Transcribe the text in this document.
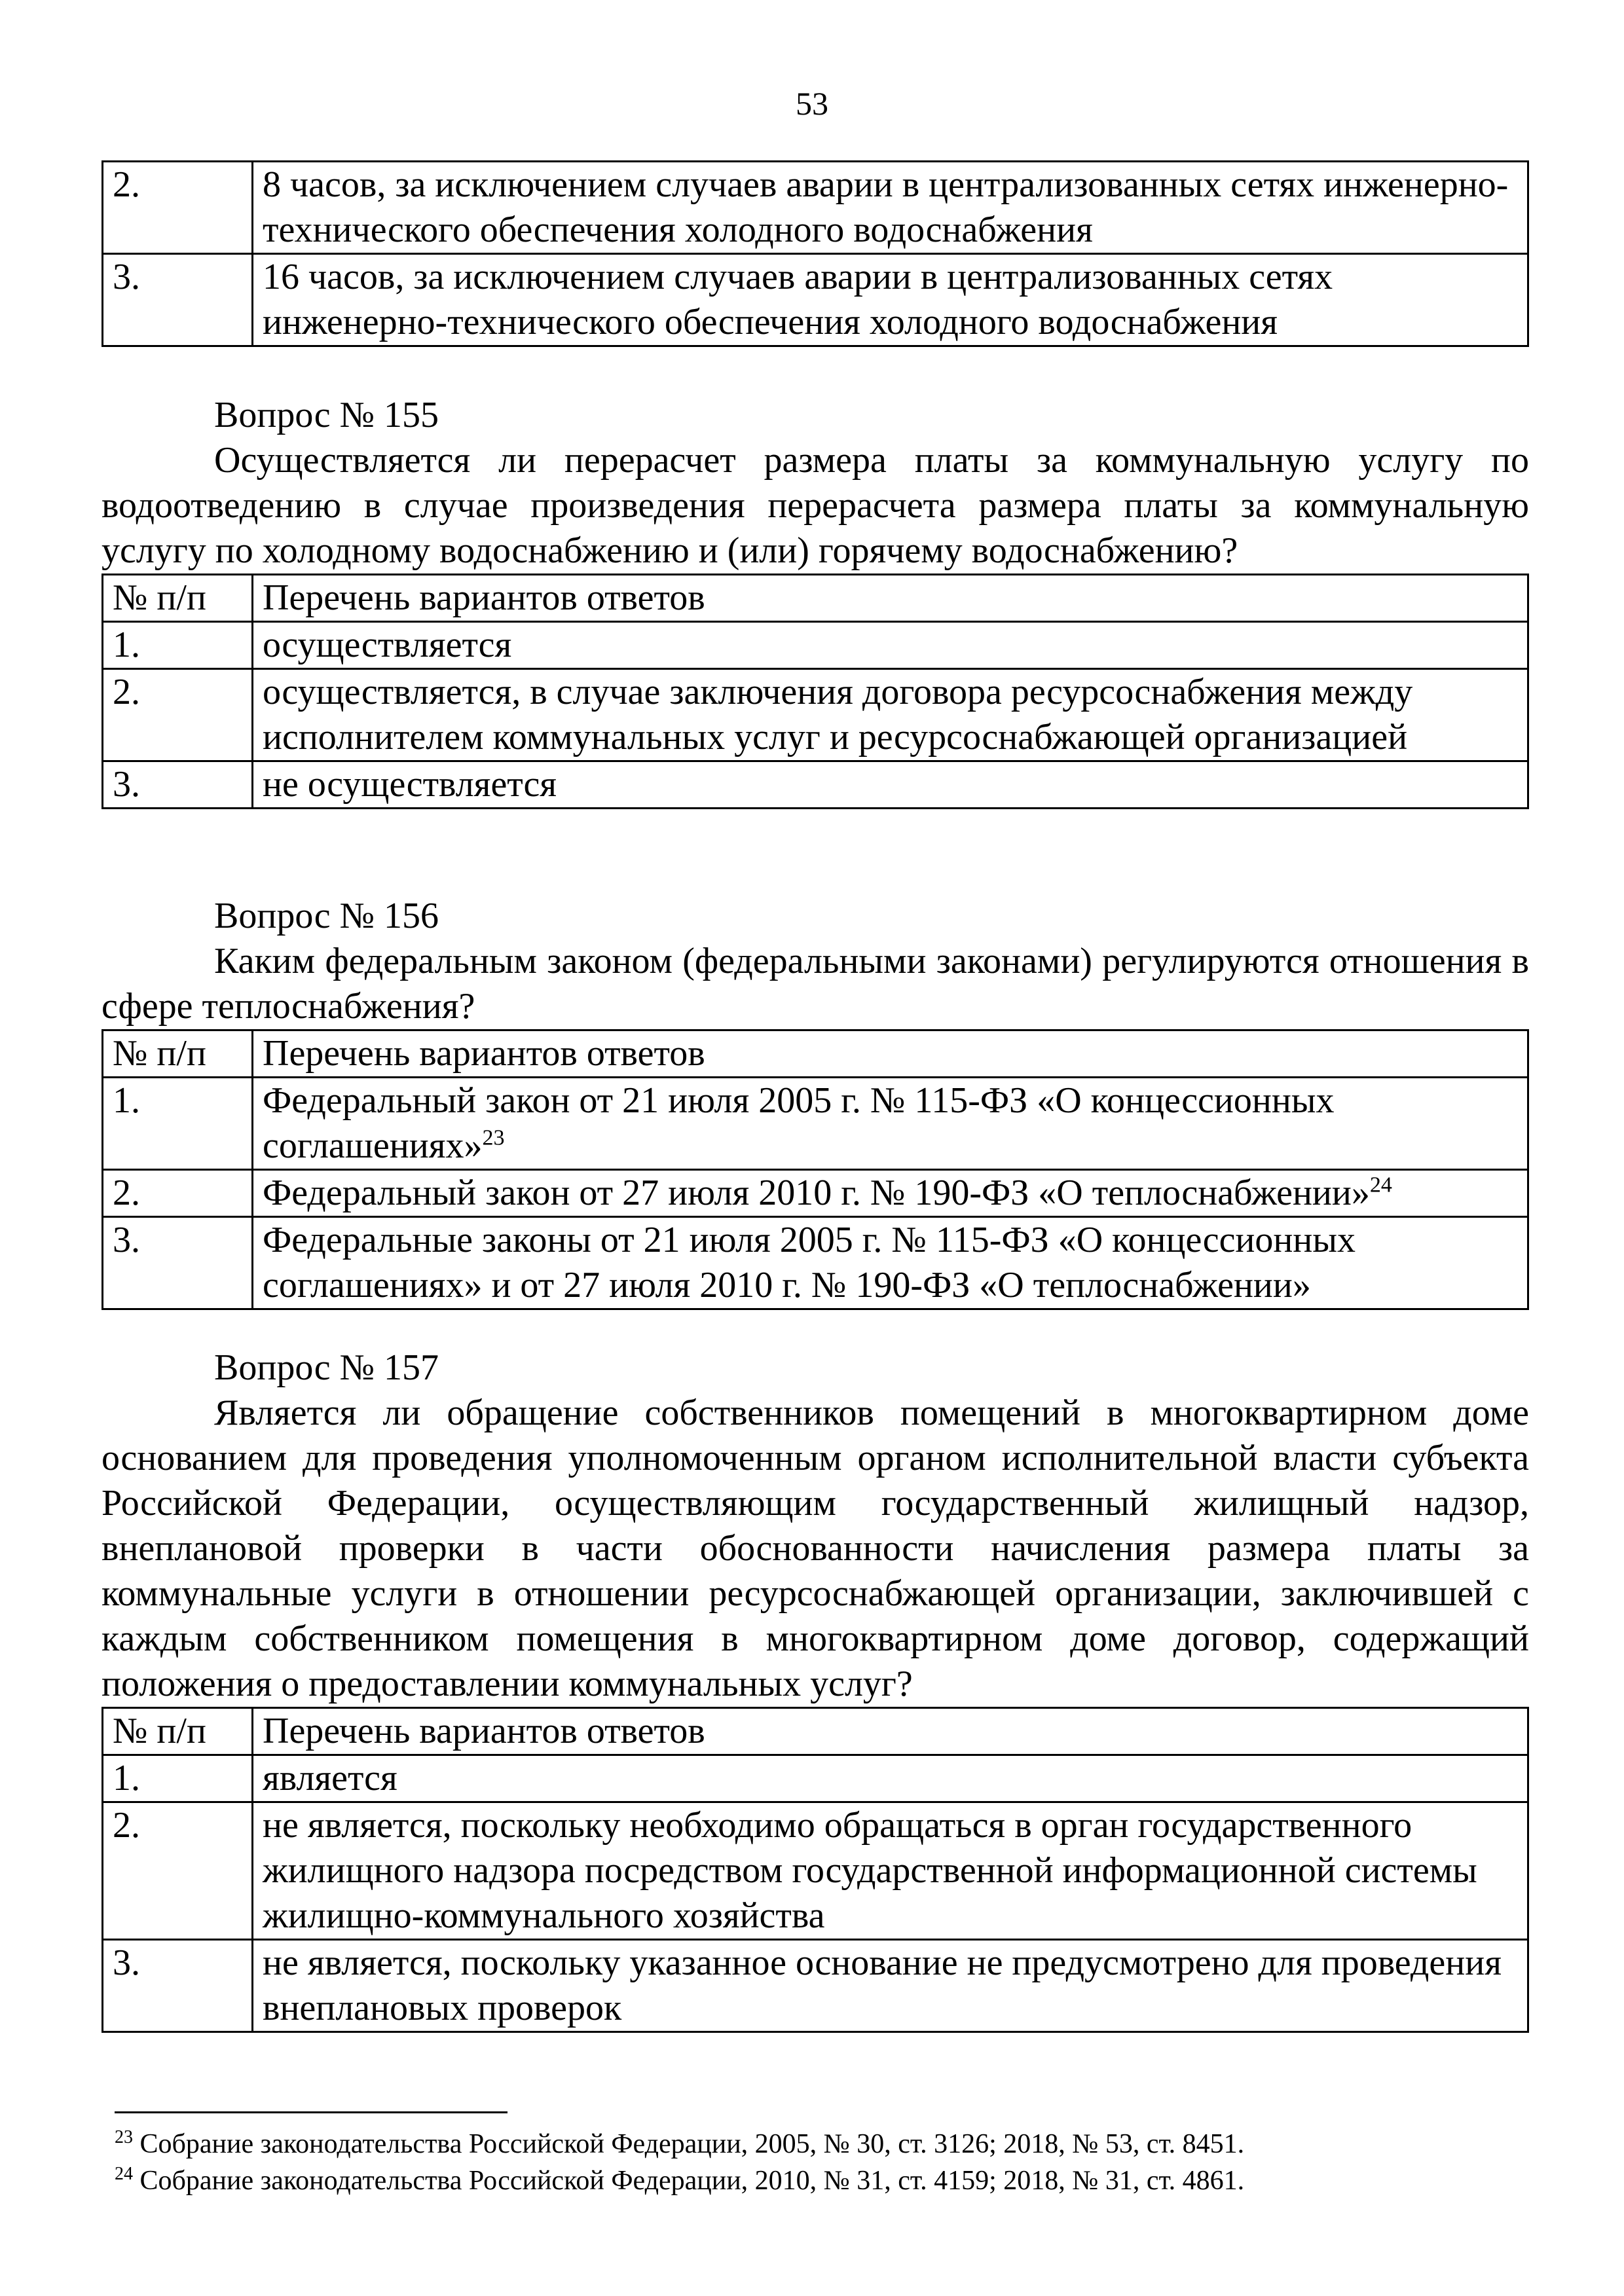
53
2.	8 часов, за исключением случаев аварии в централизованных сетях инженерно-технического обеспечения холодного водоснабжения
3.	16 часов, за исключением случаев аварии в централизованных сетях инженерно-технического обеспечения холодного водоснабжения
Вопрос № 155
Осуществляется ли перерасчет размера платы за коммунальную услугу по водоотведению в случае произведения перерасчета размера платы за коммунальную услугу по холодному водоснабжению и (или) горячему водоснабжению?
№ п/п	Перечень вариантов ответов
1.	осуществляется
2.	осуществляется, в случае заключения договора ресурсоснабжения между исполнителем коммунальных услуг и ресурсоснабжающей организацией
3.	не осуществляется
Вопрос № 156
Каким федеральным законом (федеральными законами) регулируются отношения в сфере теплоснабжения?
№ п/п	Перечень вариантов ответов
1.	Федеральный закон от 21 июля 2005 г. № 115-ФЗ «О концессионных соглашениях»$^{23}$
2.	Федеральный закон от 27 июля 2010 г. № 190-ФЗ «О теплоснабжении»$^{24}$
3.	Федеральные законы от 21 июля 2005 г. № 115-ФЗ «О концессионных соглашениях» и от 27 июля 2010 г. № 190-ФЗ «О теплоснабжении»
Вопрос № 157
Является ли обращение собственников помещений в многоквартирном доме основанием для проведения уполномоченным органом исполнительной власти субъекта Российской Федерации, осуществляющим государственный жилищный надзор, внеплановой проверки в части обоснованности начисления размера платы за коммунальные услуги в отношении ресурсоснабжающей организации, заключившей с каждым собственником помещения в многоквартирном доме договор, содержащий положения о предоставлении коммунальных услуг?
№ п/п	Перечень вариантов ответов
1.	является
2.	не является, поскольку необходимо обращаться в орган государственного жилищного надзора посредством государственной информационной системы жилищно-коммунального хозяйства
3.	не является, поскольку указанное основание не предусмотрено для проведения внеплановых проверок
$^{23}$ Собрание законодательства Российской Федерации, 2005, № 30, ст. 3126; 2018, № 53, ст. 8451.
$^{24}$ Собрание законодательства Российской Федерации, 2010, № 31, ст. 4159; 2018, № 31, ст. 4861.
